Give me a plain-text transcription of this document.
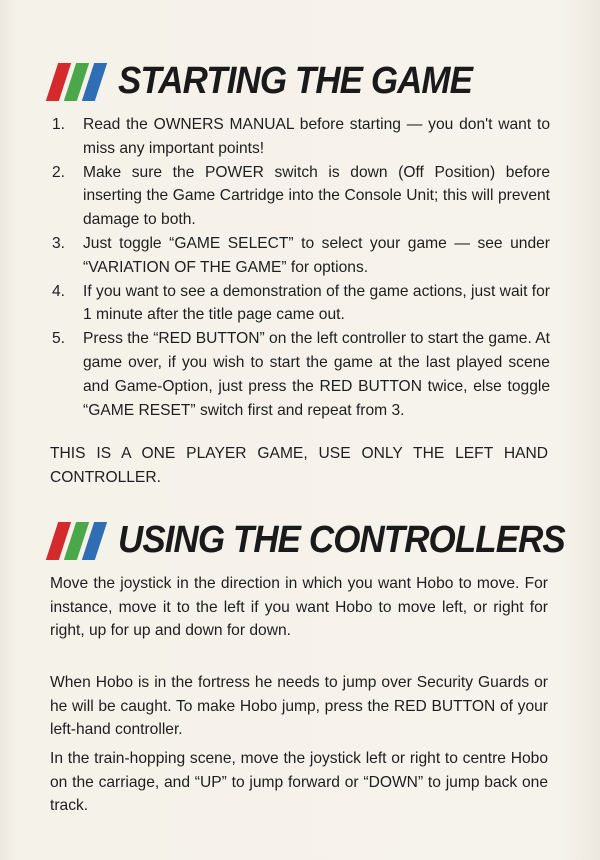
STARTING THE GAME
1. Read the OWNERS MANUAL before starting — you don't want to miss any important points!
2. Make sure the POWER switch is down (Off Position) before inserting the Game Cartridge into the Console Unit; this will prevent damage to both.
3. Just toggle “GAME SELECT” to select your game — see under “VARIATION OF THE GAME” for options.
4. If you want to see a demonstration of the game actions, just wait for 1 minute after the title page came out.
5. Press the “RED BUTTON” on the left controller to start the game. At game over, if you wish to start the game at the last played scene and Game-Option, just press the RED BUTTON twice, else toggle “GAME RESET” switch first and repeat from 3.

THIS IS A ONE PLAYER GAME, USE ONLY THE LEFT HAND CONTROLLER.

USING THE CONTROLLERS

Move the joystick in the direction in which you want Hobo to move. For instance, move it to the left if you want Hobo to move left, or right for right, up for up and down for down.

When Hobo is in the fortress he needs to jump over Security Guards or he will be caught. To make Hobo jump, press the RED BUTTON of your left-hand controller.

In the train-hopping scene, move the joystick left or right to centre Hobo on the carriage, and “UP” to jump forward or “DOWN” to jump back one track.
